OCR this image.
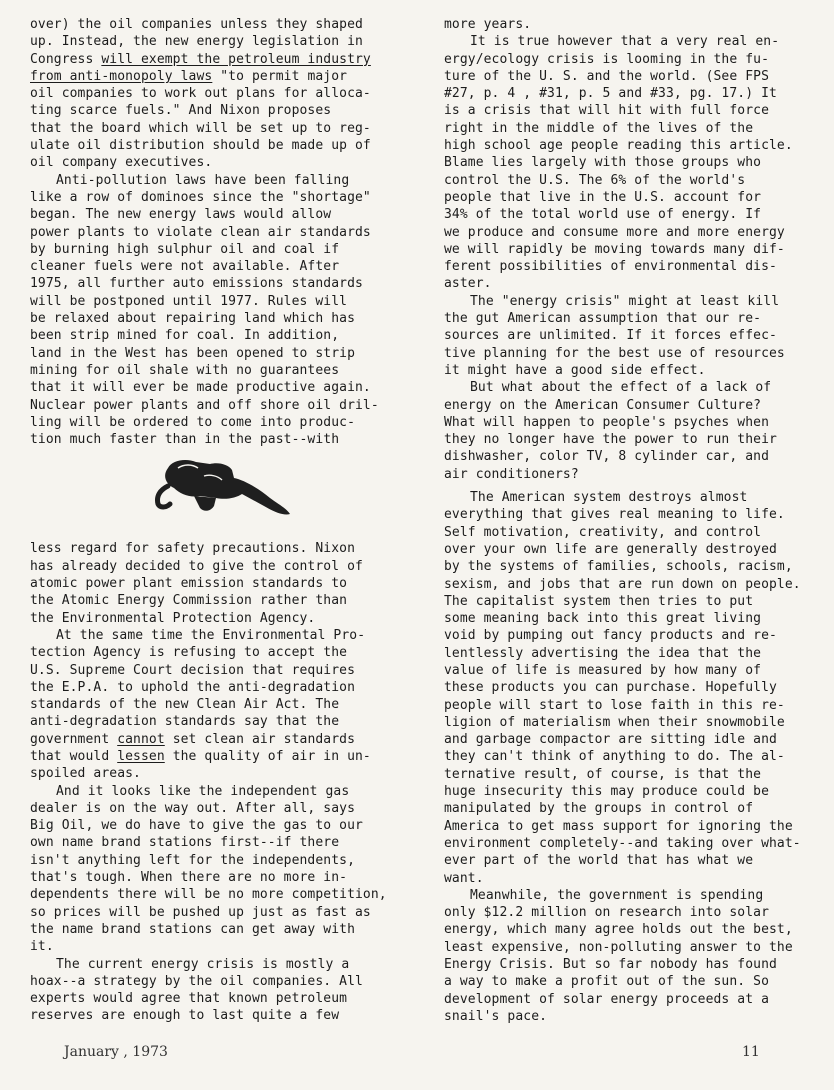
over) the oil companies unless they shaped
up. Instead, the new energy legislation in
Congress will exempt the petroleum industry
from anti-monopoly laws "to permit major
oil companies to work out plans for alloca-
ting scarce fuels." And Nixon proposes
that the board which will be set up to reg-
ulate oil distribution should be made up of
oil company executives.
Anti-pollution laws have been falling
like a row of dominoes since the "shortage"
began. The new energy laws would allow
power plants to violate clean air standards
by burning high sulphur oil and coal if
cleaner fuels were not available. After
1975, all further auto emissions standards
will be postponed until 1977. Rules will
be relaxed about repairing land which has
been strip mined for coal. In addition,
land in the West has been opened to strip
mining for oil shale with no guarantees
that it will ever be made productive again.
Nuclear power plants and off shore oil dril-
ling will be ordered to come into produc-
tion much faster than in the past--with
less regard for safety precautions. Nixon
has already decided to give the control of
atomic power plant emission standards to
the Atomic Energy Commission rather than
the Environmental Protection Agency.
At the same time the Environmental Pro-
tection Agency is refusing to accept the
U.S. Supreme Court decision that requires
the E.P.A. to uphold the anti-degradation
standards of the new Clean Air Act. The
anti-degradation standards say that the
government cannot set clean air standards
that would lessen the quality of air in un-
spoiled areas.
And it looks like the independent gas
dealer is on the way out. After all, says
Big Oil, we do have to give the gas to our
own name brand stations first--if there
isn't anything left for the independents,
that's tough. When there are no more in-
dependents there will be no more competition,
so prices will be pushed up just as fast as
the name brand stations can get away with
it.
The current energy crisis is mostly a
hoax--a strategy by the oil companies. All
experts would agree that known petroleum
reserves are enough to last quite a few
more years.
It is true however that a very real en-
ergy/ecology crisis is looming in the fu-
ture of the U. S. and the world. (See FPS
#27, p. 4 , #31, p. 5 and #33, pg. 17.) It
is a crisis that will hit with full force
right in the middle of the lives of the
high school age people reading this article.
Blame lies largely with those groups who
control the U.S. The 6% of the world's
people that live in the U.S. account for
34% of the total world use of energy. If
we produce and consume more and more energy
we will rapidly be moving towards many dif-
ferent possibilities of environmental dis-
aster.
The "energy crisis" might at least kill
the gut American assumption that our re-
sources are unlimited. If it forces effec-
tive planning for the best use of resources
it might have a good side effect.
But what about the effect of a lack of
energy on the American Consumer Culture?
What will happen to people's psyches when
they no longer have the power to run their
dishwasher, color TV, 8 cylinder car, and
air conditioners?
The American system destroys almost
everything that gives real meaning to life.
Self motivation, creativity, and control
over your own life are generally destroyed
by the systems of families, schools, racism,
sexism, and jobs that are run down on people.
The capitalist system then tries to put
some meaning back into this great living
void by pumping out fancy products and re-
lentlessly advertising the idea that the
value of life is measured by how many of
these products you can purchase. Hopefully
people will start to lose faith in this re-
ligion of materialism when their snowmobile
and garbage compactor are sitting idle and
they can't think of anything to do. The al-
ternative result, of course, is that the
huge insecurity this may produce could be
manipulated by the groups in control of
America to get mass support for ignoring the
environment completely--and taking over what-
ever part of the world that has what we
want.
Meanwhile, the government is spending
only $12.2 million on research into solar
energy, which many agree holds out the best,
least expensive, non-polluting answer to the
Energy Crisis. But so far nobody has found
a way to make a profit out of the sun. So
development of solar energy proceeds at a
snail's pace.
January , 1973	11
